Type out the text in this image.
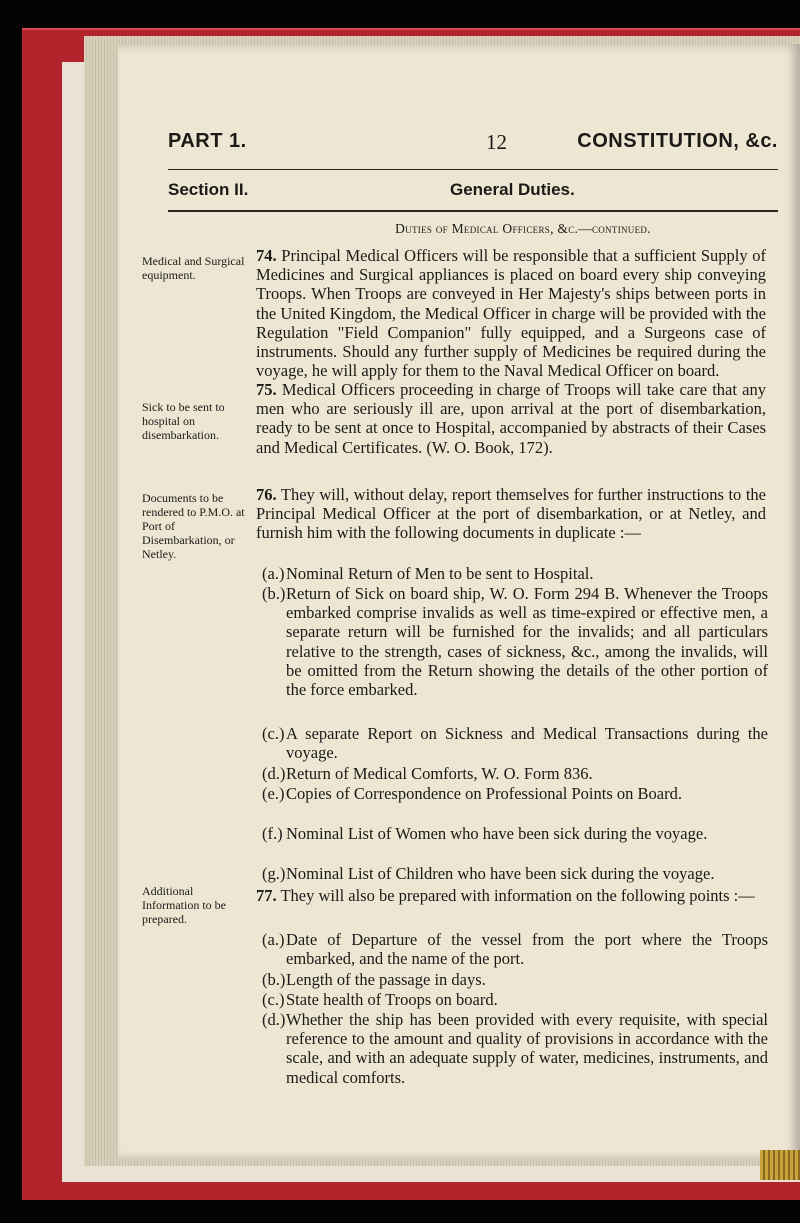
PART 1.	12	CONSTITUTION, &c.
Section II.	General Duties.
Duties of Medical Officers, &c.—continued.
Medical and Surgical equipment.
Sick to be sent to hospital on disembarkation.
Documents to be rendered to P.M.O. at Port of Disembarkation, or Netley.
Additional Information to be prepared.
74. Principal Medical Officers will be responsible that a sufficient Supply of Medicines and Surgical appliances is placed on board every ship conveying Troops. When Troops are conveyed in Her Majesty's ships between ports in the United Kingdom, the Medical Officer in charge will be provided with the Regulation "Field Companion" fully equipped, and a Surgeons case of instruments. Should any further supply of Medicines be required during the voyage, he will apply for them to the Naval Medical Officer on board.
75. Medical Officers proceeding in charge of Troops will take care that any men who are seriously ill are, upon arrival at the port of disembarkation, ready to be sent at once to Hospital, accompanied by abstracts of their Cases and Medical Certificates. (W. O. Book, 172).
76. They will, without delay, report themselves for further instructions to the Principal Medical Officer at the port of disembarkation, or at Netley, and furnish him with the following documents in duplicate :—
(a.) Nominal Return of Men to be sent to Hospital.
(b.) Return of Sick on board ship, W. O. Form 294 B. Whenever the Troops embarked comprise invalids as well as time-expired or effective men, a separate return will be furnished for the invalids; and all particulars relative to the strength, cases of sickness, &c., among the invalids, will be omitted from the Return showing the details of the other portion of the force embarked.
(c.) A separate Report on Sickness and Medical Transactions during the voyage.
(d.) Return of Medical Comforts, W. O. Form 836.
(e.) Copies of Correspondence on Professional Points on Board.
(f.) Nominal List of Women who have been sick during the voyage.
(g.) Nominal List of Children who have been sick during the voyage.
77. They will also be prepared with information on the following points :—
(a.) Date of Departure of the vessel from the port where the Troops embarked, and the name of the port.
(b.) Length of the passage in days.
(c.) State health of Troops on board.
(d.) Whether the ship has been provided with every requisite, with special reference to the amount and quality of provisions in accordance with the scale, and with an adequate supply of water, medicines, instruments, and medical comforts.
